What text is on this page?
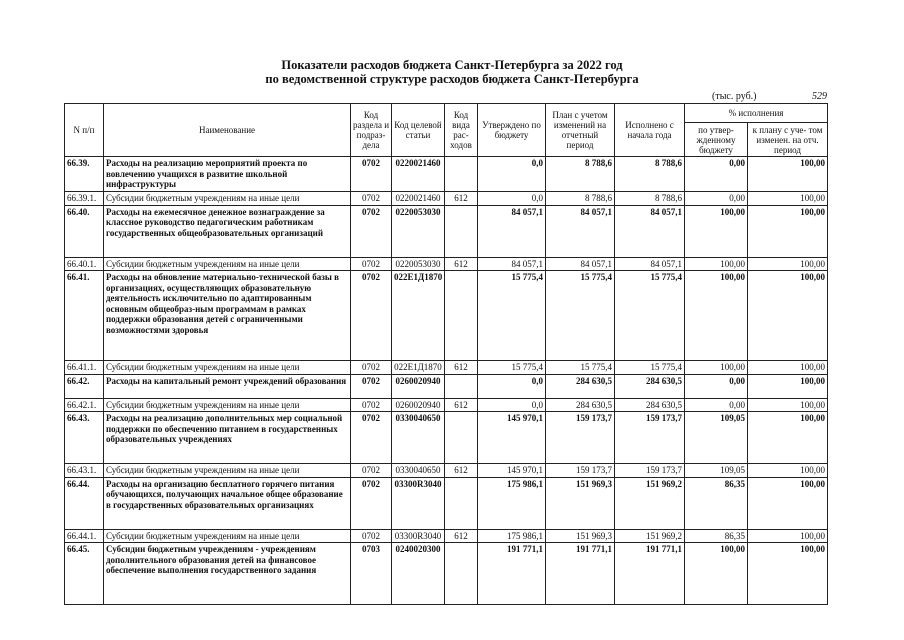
Показатели расходов бюджета Санкт-Петербурга за 2022 год
по ведомственной структуре расходов бюджета Санкт-Петербурга
(тыс. руб.)	529
N п/п	Наименование	Код раздела и подраз- дела	Код целевой статьи	Код вида рас- ходов	Утверждено по бюджету	План с учетом изменений на отчетный период	Исполнено с начала года	% исполнения	
								по утвер- жденному бюджету	к плану с уче- том изменен. на отч. период
66.39.	Расходы на реализацию мероприятий проекта по вовлечению учащихся в развитие школьной инфраструктуры	0702	0220021460		0,0	8 788,6	8 788,6	0,00	100,00
66.39.1.	Субсидии бюджетным учреждениям на иные цели	0702	0220021460	612	0,0	8 788,6	8 788,6	0,00	100,00
66.40.	Расходы на ежемесячное денежное вознаграждение за классное руководство педагогическим работникам государственных общеобразовательных организаций	0702	0220053030		84 057,1	84 057,1	84 057,1	100,00	100,00
66.40.1.	Субсидии бюджетным учреждениям на иные цели	0702	0220053030	612	84 057,1	84 057,1	84 057,1	100,00	100,00
66.41.	Расходы на обновление материально-технической базы в организациях, осуществляющих образовательную деятельность исключительно по адаптированным основным общеобраз-ным программам в рамках поддержки образования детей с ограниченными возможностями здоровья	0702	022E1Д1870		15 775,4	15 775,4	15 775,4	100,00	100,00
66.41.1.	Субсидии бюджетным учреждениям на иные цели	0702	022E1Д1870	612	15 775,4	15 775,4	15 775,4	100,00	100,00
66.42.	Расходы на капитальный ремонт учреждений образования	0702	0260020940		0,0	284 630,5	284 630,5	0,00	100,00
66.42.1.	Субсидии бюджетным учреждениям на иные цели	0702	0260020940	612	0,0	284 630,5	284 630,5	0,00	100,00
66.43.	Расходы на реализацию дополнительных мер социальной поддержки по обеспечению питанием в государственных образовательных учреждениях	0702	0330040650		145 970,1	159 173,7	159 173,7	109,05	100,00
66.43.1.	Субсидии бюджетным учреждениям на иные цели	0702	0330040650	612	145 970,1	159 173,7	159 173,7	109,05	100,00
66.44.	Расходы на организацию бесплатного горячего питания обучающихся, получающих начальное общее образование в государственных образовательных организациях	0702	03300R3040		175 986,1	151 969,3	151 969,2	86,35	100,00
66.44.1.	Субсидии бюджетным учреждениям на иные цели	0702	03300R3040	612	175 986,1	151 969,3	151 969,2	86,35	100,00
66.45.	Субсидии бюджетным учреждениям - учреждениям дополнительного образования детей на финансовое обеспечение выполнения государственного задания	0703	0240020300		191 771,1	191 771,1	191 771,1	100,00	100,00
